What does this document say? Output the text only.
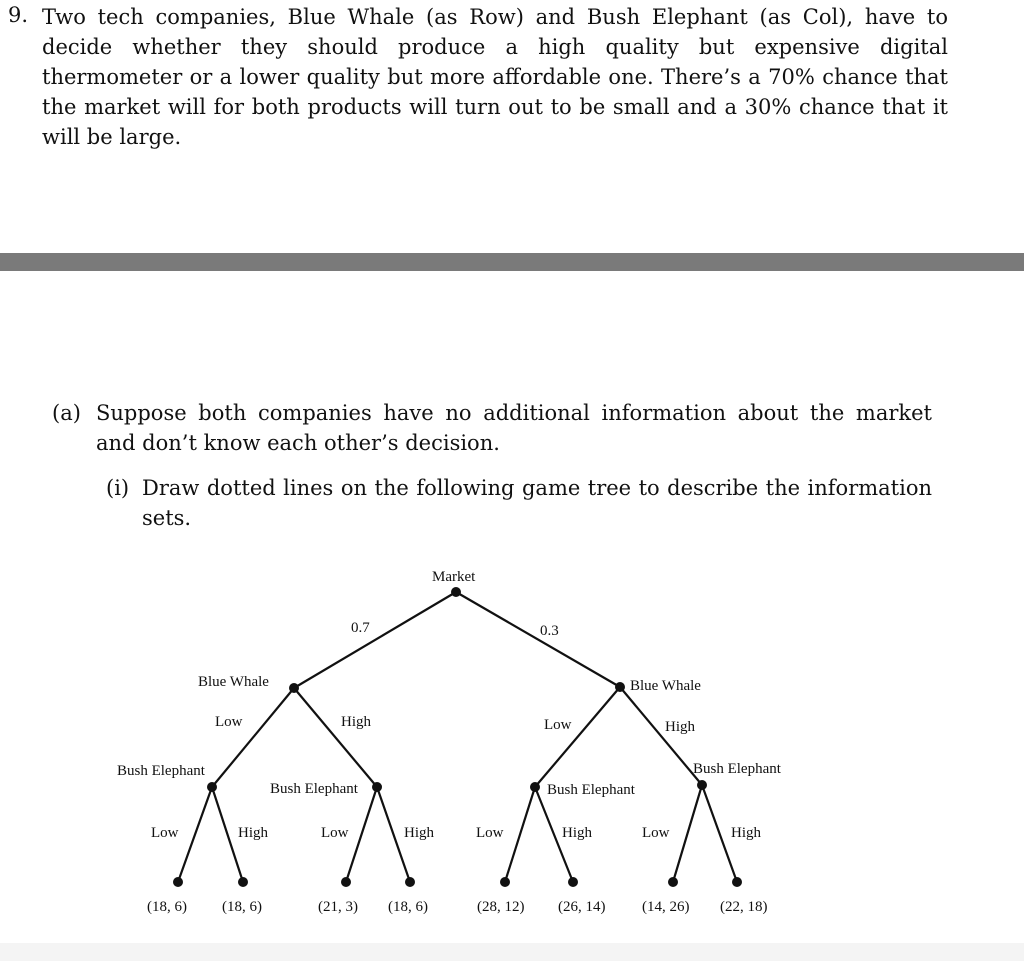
9. Two tech companies, Blue Whale (as Row) and Bush Elephant (as Col), have to decide whether they should produce a high quality but expensive digital thermometer or a lower quality but more affordable one. There’s a 70% chance that the market will for both products will turn out to be small and a 30% chance that it will be large.

(a) Suppose both companies have no additional information about the market and don’t know each other’s decision.

(i) Draw dotted lines on the following game tree to describe the information sets.

Market
0.7	0.3
Blue Whale	Blue Whale
Low	High	Low	High
Bush Elephant
Bush Elephant	Bush Elephant
Bush Elephant
Low	High	Low	High	Low	High	Low	High
(18, 6) (18, 6)	(21, 3) (18, 6)	(28, 12) (26, 14) (14, 26) (22, 18)
